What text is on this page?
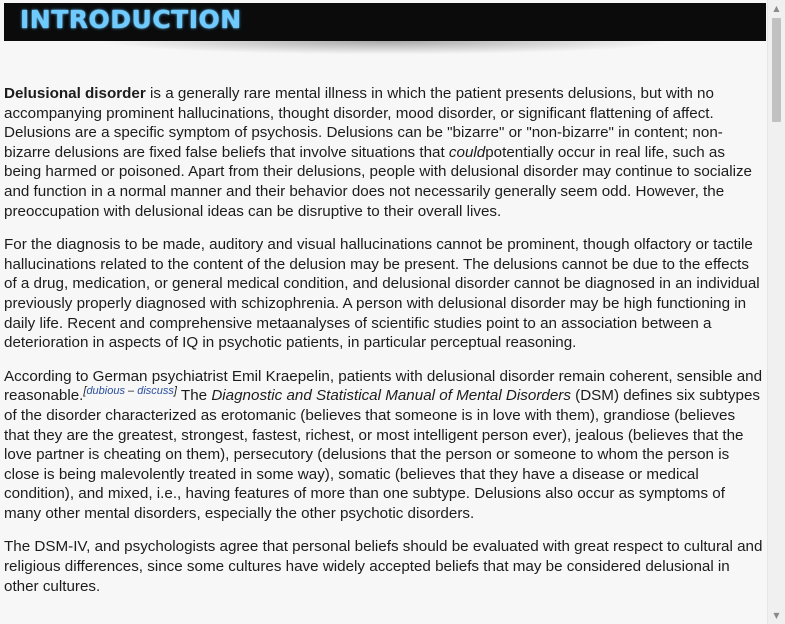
INTRODUCTION

Delusional disorder is a generally rare mental illness in which the patient presents delusions, but with no accompanying prominent hallucinations, thought disorder, mood disorder, or significant flattening of affect. Delusions are a specific symptom of psychosis. Delusions can be "bizarre" or "non-bizarre" in content; non-bizarre delusions are fixed false beliefs that involve situations that couldpotentially occur in real life, such as being harmed or poisoned. Apart from their delusions, people with delusional disorder may continue to socialize and function in a normal manner and their behavior does not necessarily generally seem odd. However, the preoccupation with delusional ideas can be disruptive to their overall lives.

For the diagnosis to be made, auditory and visual hallucinations cannot be prominent, though olfactory or tactile hallucinations related to the content of the delusion may be present. The delusions cannot be due to the effects of a drug, medication, or general medical condition, and delusional disorder cannot be diagnosed in an individual previously properly diagnosed with schizophrenia. A person with delusional disorder may be high functioning in daily life. Recent and comprehensive metaanalyses of scientific studies point to an association between a deterioration in aspects of IQ in psychotic patients, in particular perceptual reasoning.

According to German psychiatrist Emil Kraepelin, patients with delusional disorder remain coherent, sensible and reasonable.[dubious – discuss] The Diagnostic and Statistical Manual of Mental Disorders (DSM) defines six subtypes of the disorder characterized as erotomanic (believes that someone is in love with them), grandiose (believes that they are the greatest, strongest, fastest, richest, or most intelligent person ever), jealous (believes that the love partner is cheating on them), persecutory (delusions that the person or someone to whom the person is close is being malevolently treated in some way), somatic (believes that they have a disease or medical condition), and mixed, i.e., having features of more than one subtype. Delusions also occur as symptoms of many other mental disorders, especially the other psychotic disorders.

The DSM-IV, and psychologists agree that personal beliefs should be evaluated with great respect to cultural and religious differences, since some cultures have widely accepted beliefs that may be considered delusional in other cultures.

▲
▼
